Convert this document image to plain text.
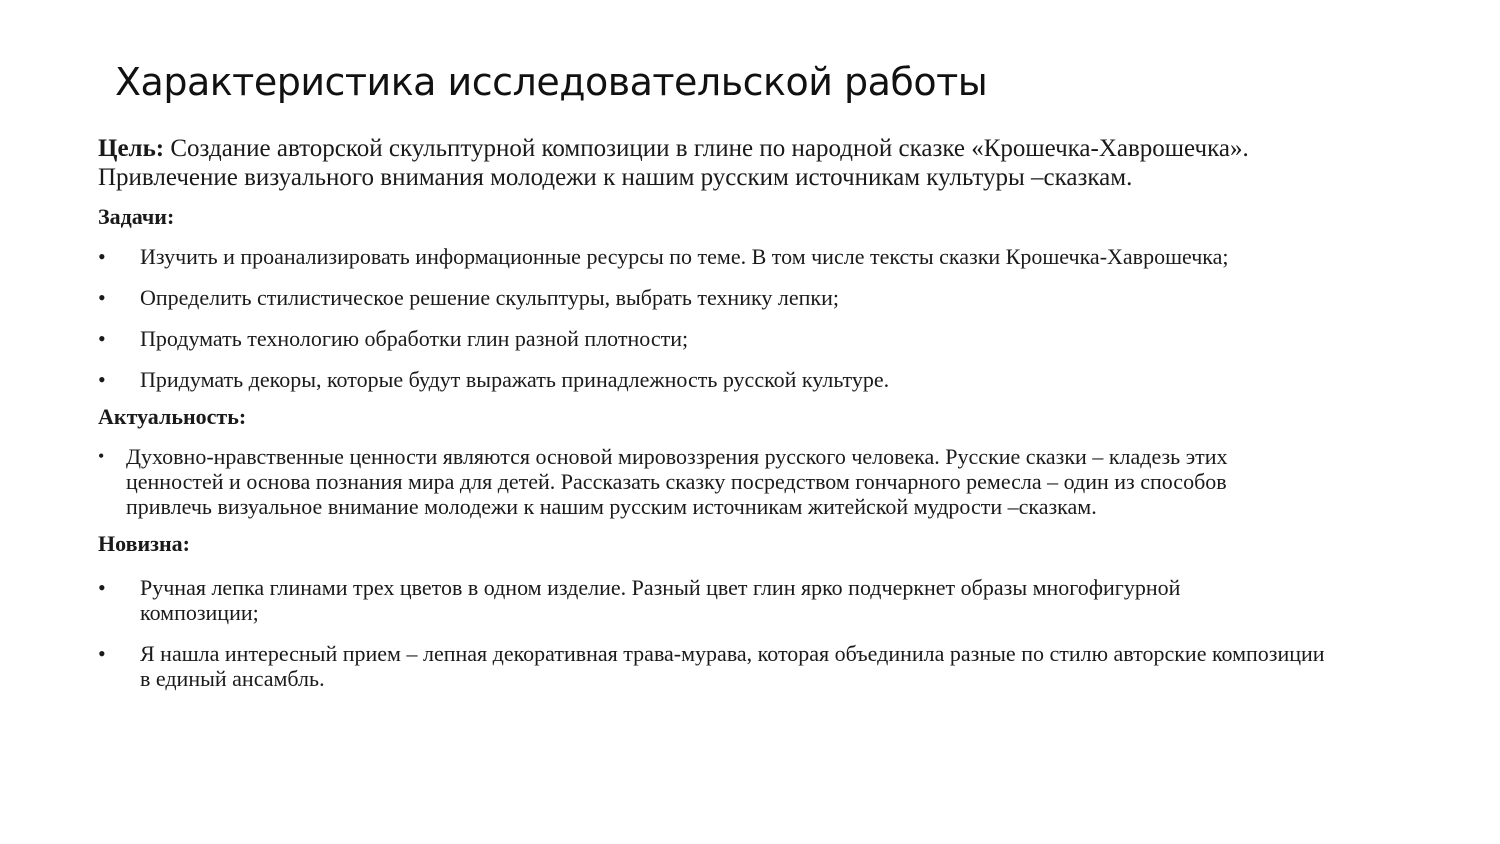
Характеристика исследовательской работы

Цель: Создание авторской скульптурной композиции в глине по народной сказке «Крошечка-Хаврошечка».
Привлечение визуального внимания молодежи к нашим русским источникам культуры –сказкам.

Задачи:

• Изучить и проанализировать информационные ресурсы по теме. В том числе тексты сказки Крошечка-Хаврошечка;
• Определить стилистическое решение скульптуры, выбрать технику лепки;
• Продумать технологию обработки глин разной плотности;
• Придумать декоры, которые будут выражать принадлежность русской культуре.

Актуальность:

• Духовно-нравственные ценности являются основой мировоззрения русского человека. Русские сказки – кладезь этих ценностей и основа познания мира для детей. Рассказать сказку посредством гончарного ремесла – один из способов привлечь визуальное внимание молодежи к нашим русским источникам житейской мудрости –сказкам.

Новизна:

• Ручная лепка глинами трех цветов в одном изделие. Разный цвет глин ярко подчеркнет образы многофигурной композиции;
• Я нашла интересный прием – лепная декоративная трава-мурава, которая объединила разные по стилю авторские композиции в единый ансамбль.
